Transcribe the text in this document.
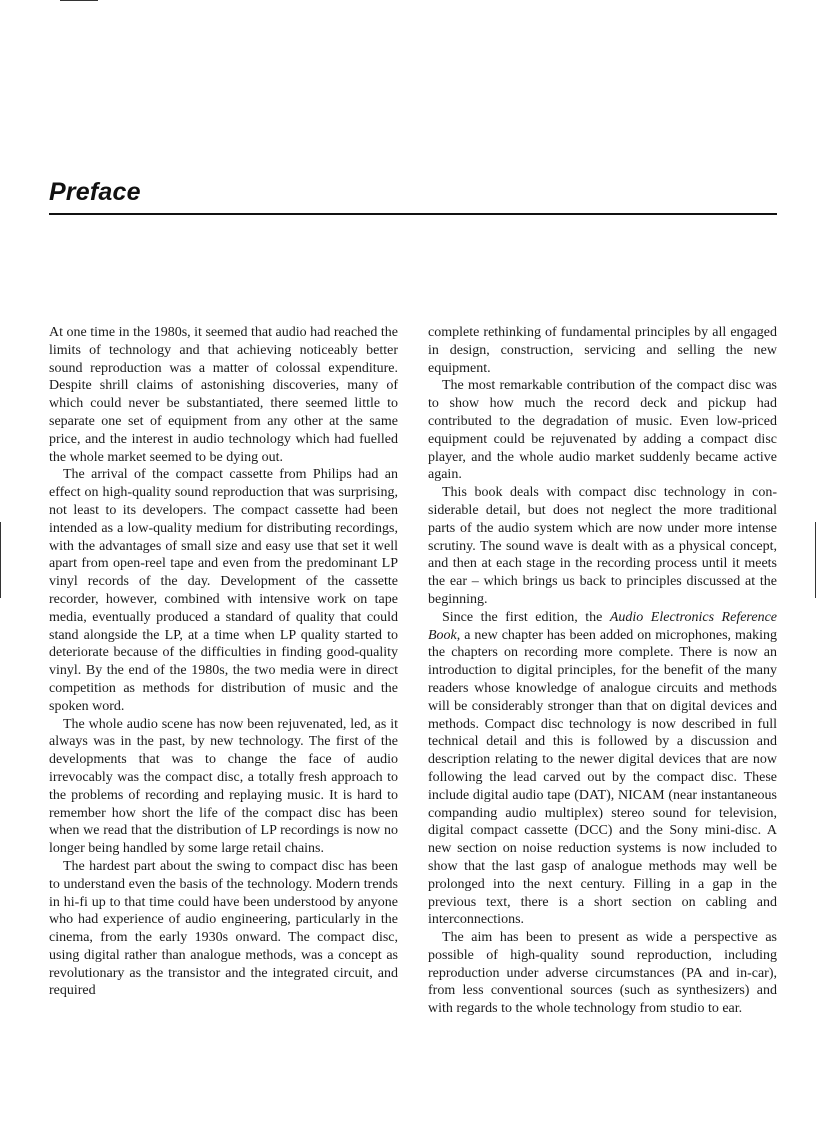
Preface

At one time in the 1980s, it seemed that audio had reached the limits of technology and that achieving noticeably better sound reproduction was a matter of colossal expenditure. Despite shrill claims of astonishing discoveries, many of which could never be substantiated, there seemed little to separate one set of equipment from any other at the same price, and the interest in audio technology which had fuelled the whole market seemed to be dying out.

The arrival of the compact cassette from Philips had an effect on high-quality sound reproduction that was surprising, not least to its developers. The compact cassette had been intended as a low-quality medium for distributing recordings, with the advantages of small size and easy use that set it well apart from open-reel tape and even from the predominant LP vinyl records of the day. Development of the cassette recorder, however, combined with intensive work on tape media, eventually produced a standard of quality that could stand alongside the LP, at a time when LP quality started to deteriorate because of the difficulties in finding good-quality vinyl. By the end of the 1980s, the two media were in direct competition as methods for distribution of music and the spoken word.

The whole audio scene has now been rejuvenated, led, as it always was in the past, by new technology. The first of the developments that was to change the face of audio irrevocably was the compact disc, a totally fresh approach to the problems of recording and replaying music. It is hard to remember how short the life of the compact disc has been when we read that the distribution of LP recordings is now no longer being handled by some large retail chains.

The hardest part about the swing to compact disc has been to understand even the basis of the technology. Modern trends in hi-fi up to that time could have been understood by anyone who had experience of audio engineering, particularly in the cinema, from the early 1930s onward. The compact disc, using digital rather than analogue methods, was a concept as revolutionary as the transistor and the integrated circuit, and required

complete rethinking of fundamental principles by all engaged in design, construction, servicing and selling the new equipment.

The most remarkable contribution of the compact disc was to show how much the record deck and pickup had contributed to the degradation of music. Even low-priced equipment could be rejuvenated by adding a compact disc player, and the whole audio market suddenly became active again.

This book deals with compact disc technology in considerable detail, but does not neglect the more traditional parts of the audio system which are now under more intense scrutiny. The sound wave is dealt with as a physical concept, and then at each stage in the recording process until it meets the ear – which brings us back to principles discussed at the beginning.

Since the first edition, the Audio Electronics Reference Book, a new chapter has been added on microphones, making the chapters on recording more complete. There is now an introduction to digital principles, for the benefit of the many readers whose knowledge of analogue circuits and methods will be considerably stronger than that on digital devices and methods. Compact disc technology is now described in full technical detail and this is followed by a discussion and description relating to the newer digital devices that are now following the lead carved out by the compact disc. These include digital audio tape (DAT), NICAM (near instantaneous companding audio multiplex) stereo sound for television, digital compact cassette (DCC) and the Sony mini-disc. A new section on noise reduction systems is now included to show that the last gasp of analogue methods may well be prolonged into the next century. Filling in a gap in the previous text, there is a short section on cabling and interconnections.

The aim has been to present as wide a perspective as possible of high-quality sound reproduction, including reproduction under adverse circumstances (PA and in-car), from less conventional sources (such as synthesizers) and with regards to the whole technology from studio to ear.
